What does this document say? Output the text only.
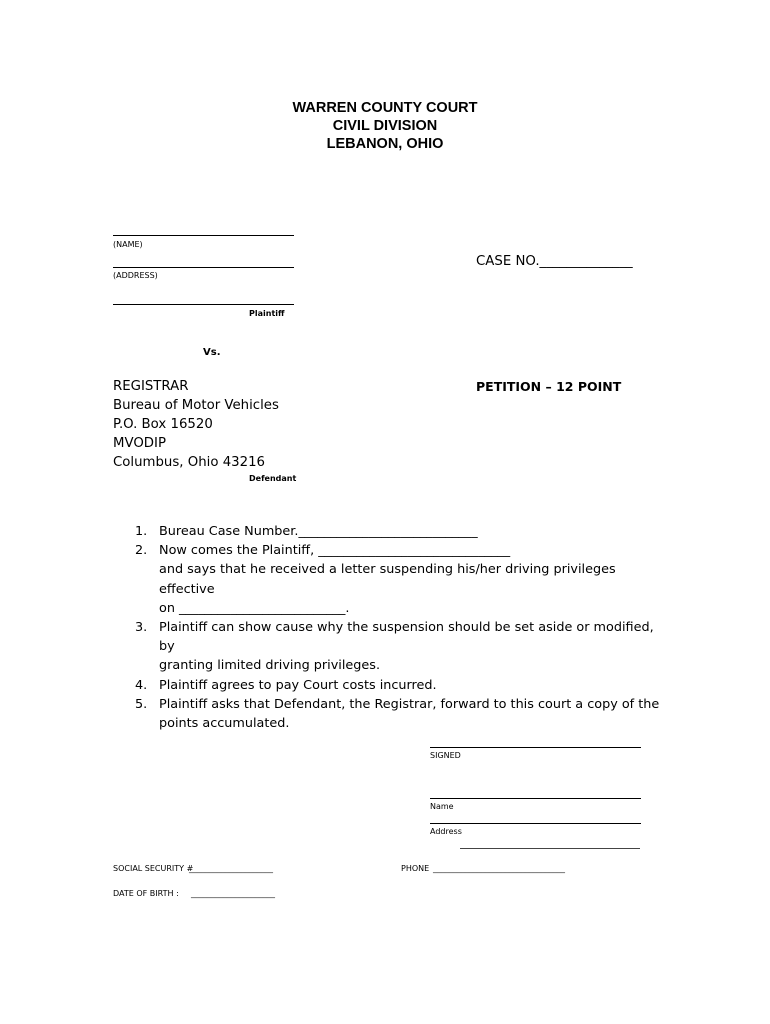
WARREN COUNTY COURT
CIVIL DIVISION
LEBANON, OHIO
(NAME)
(ADDRESS)
Plaintiff
CASE NO.______________
Vs.
REGISTRAR
Bureau of Motor Vehicles
P.O. Box 16520
MVODIP
Columbus, Ohio 43216
Defendant
PETITION – 12 POINT
1. Bureau Case Number.____________________________
2. Now comes the Plaintiff, ______________________________
and says that he received a letter suspending his/her driving privileges effective
on __________________________.
3. Plaintiff can show cause why the suspension should be set aside or modified, by
granting limited driving privileges.
4. Plaintiff agrees to pay Court costs incurred.
5. Plaintiff asks that Defendant, the Registrar, forward to this court a copy of the
points accumulated.
SIGNED
Name
Address
SOCIAL SECURITY #
_____________________	PHONE _________________________________
DATE OF BIRTH : _____________________
